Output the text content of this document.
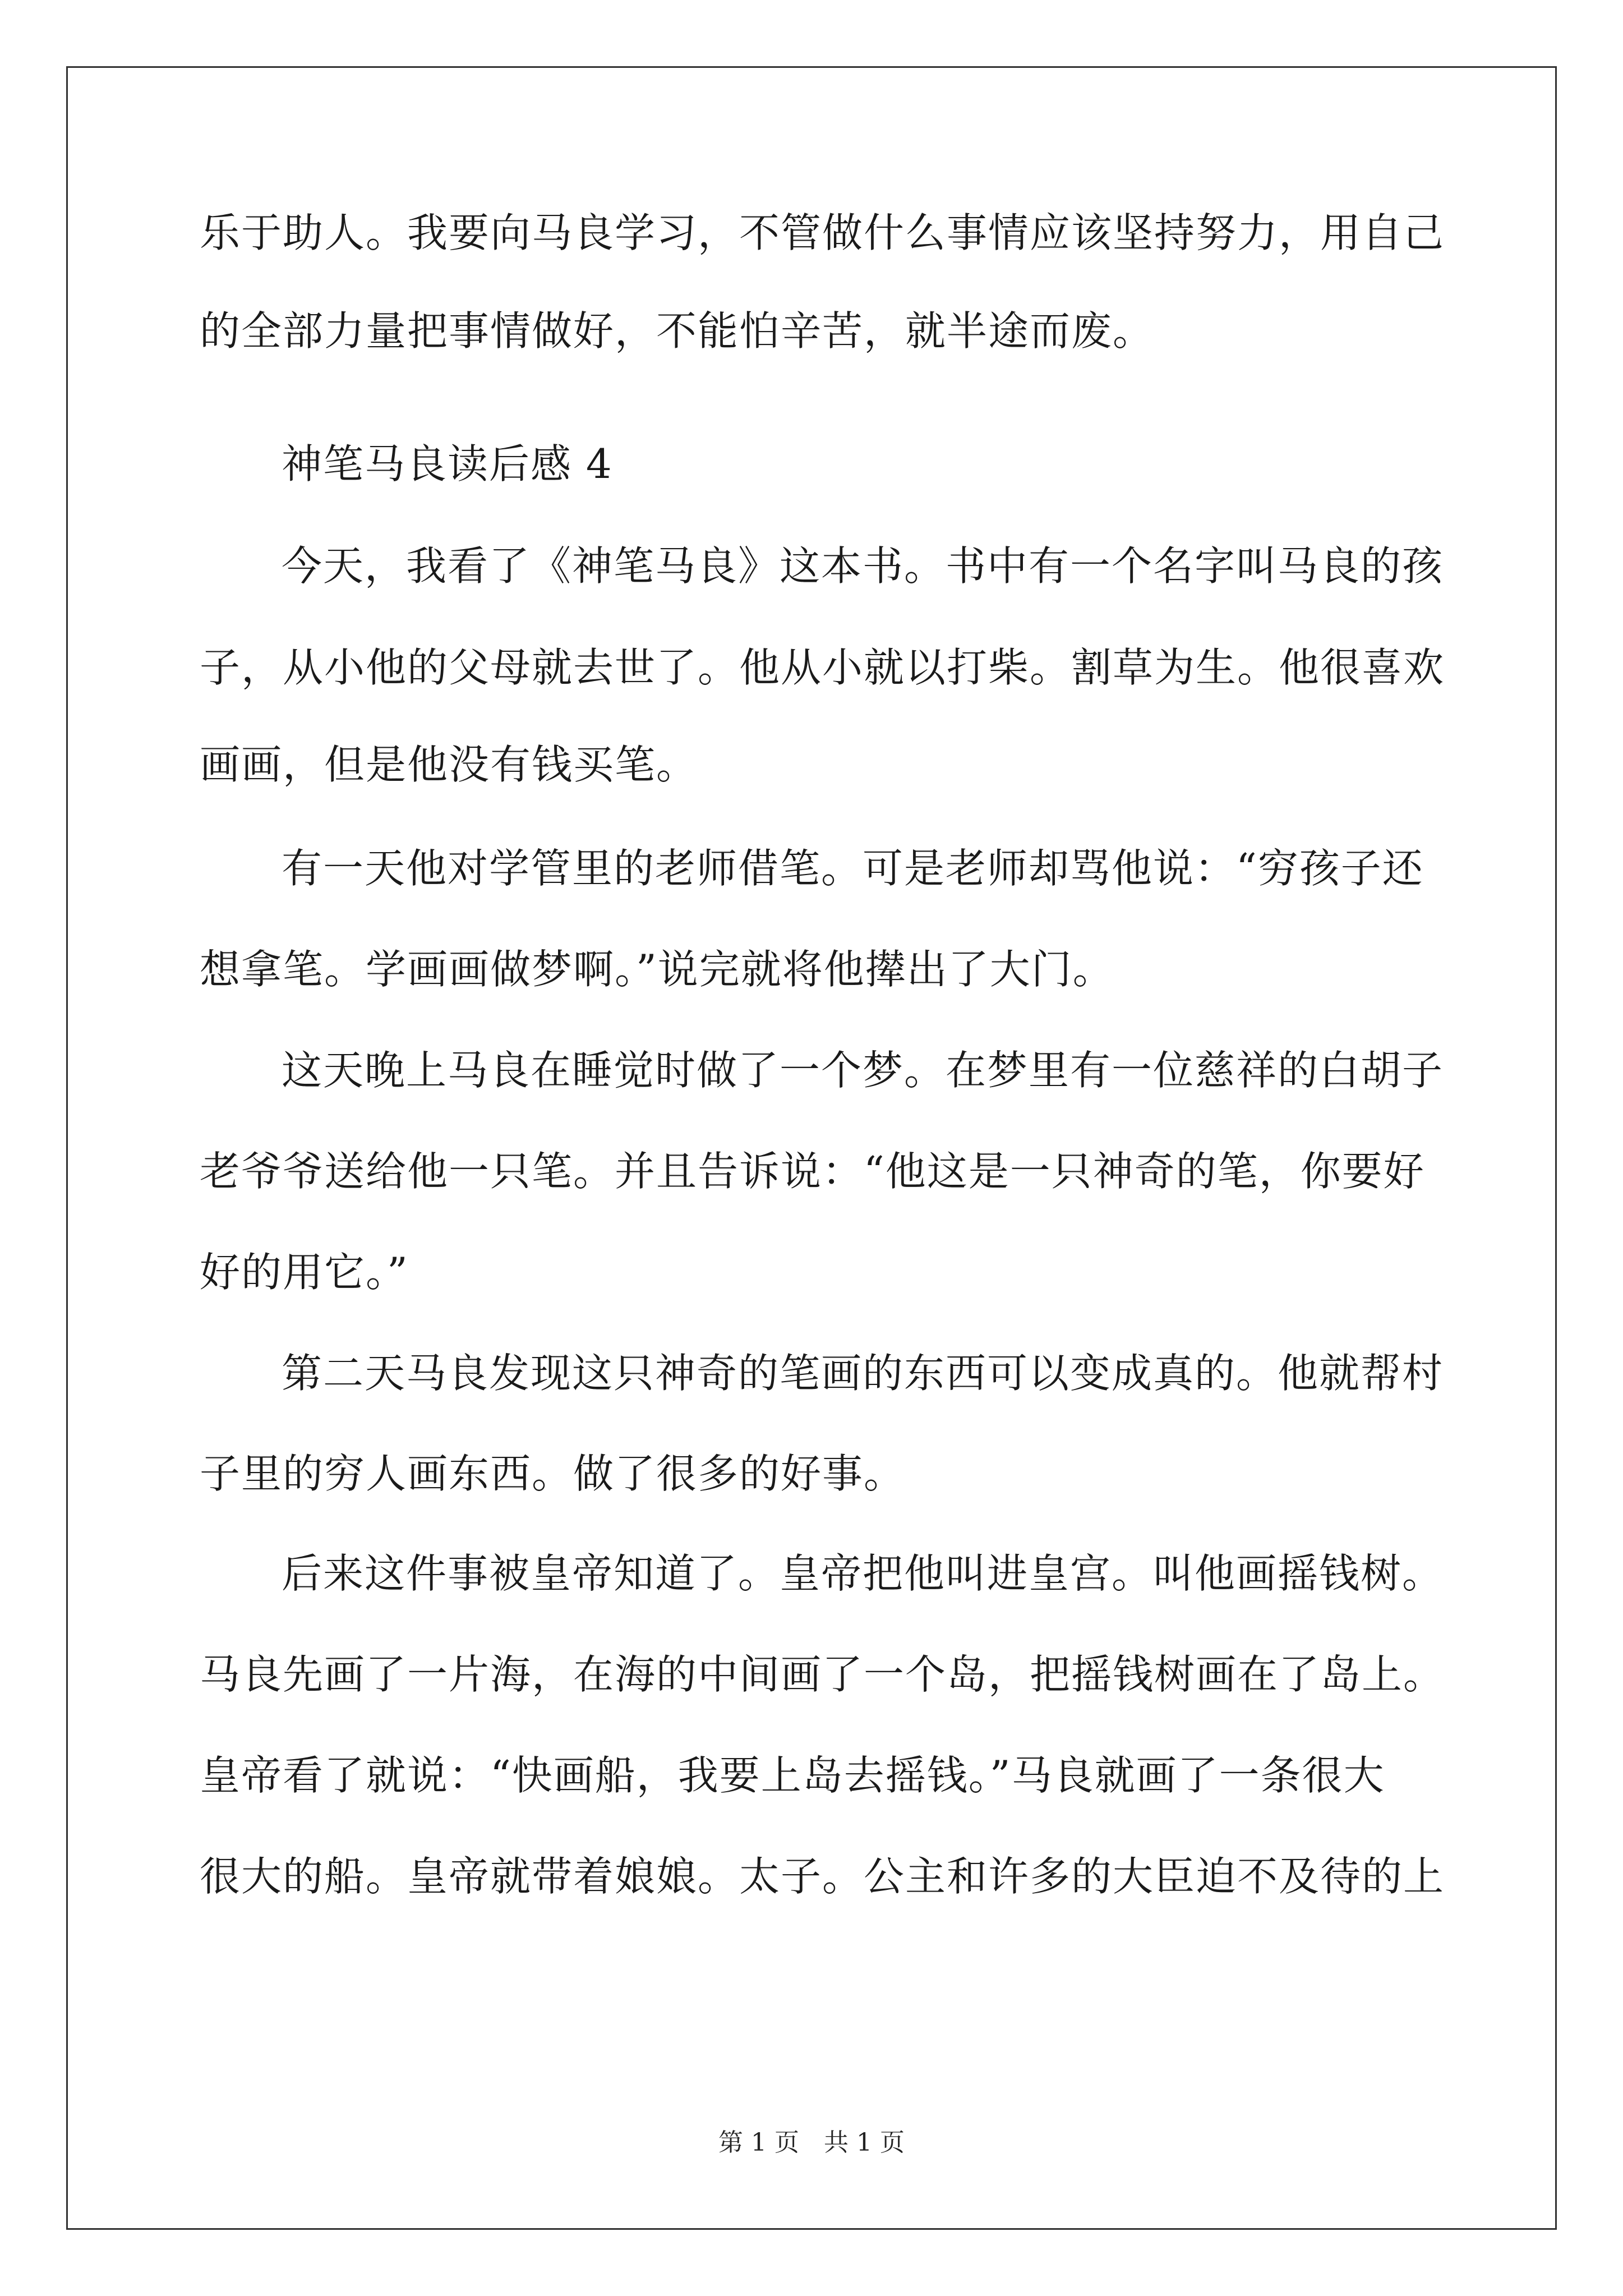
乐于助人。我要向马良学习，不管做什么事情应该坚持努力，用自己
的全部力量把事情做好，不能怕辛苦，就半途而废。
神笔马良读后感 4
今天，我看了《神笔马良》这本书。书中有一个名字叫马良的孩
子，从小他的父母就去世了。他从小就以打柴。割草为生。他很喜欢
画画，但是他没有钱买笔。
有一天他对学管里的老师借笔。可是老师却骂他说：“穷孩子还
想拿笔。学画画做梦啊。”说完就将他撵出了大门。
这天晚上马良在睡觉时做了一个梦。在梦里有一位慈祥的白胡子
老爷爷送给他一只笔。并且告诉说：“他这是一只神奇的笔，你要好
好的用它。”
第二天马良发现这只神奇的笔画的东西可以变成真的。他就帮村
子里的穷人画东西。做了很多的好事。
后来这件事被皇帝知道了。皇帝把他叫进皇宫。叫他画摇钱树。
马良先画了一片海，在海的中间画了一个岛，把摇钱树画在了岛上。
皇帝看了就说：“快画船，我要上岛去摇钱。”马良就画了一条很大
很大的船。皇帝就带着娘娘。太子。公主和许多的大臣迫不及待的上
第 1 页　共 1 页
